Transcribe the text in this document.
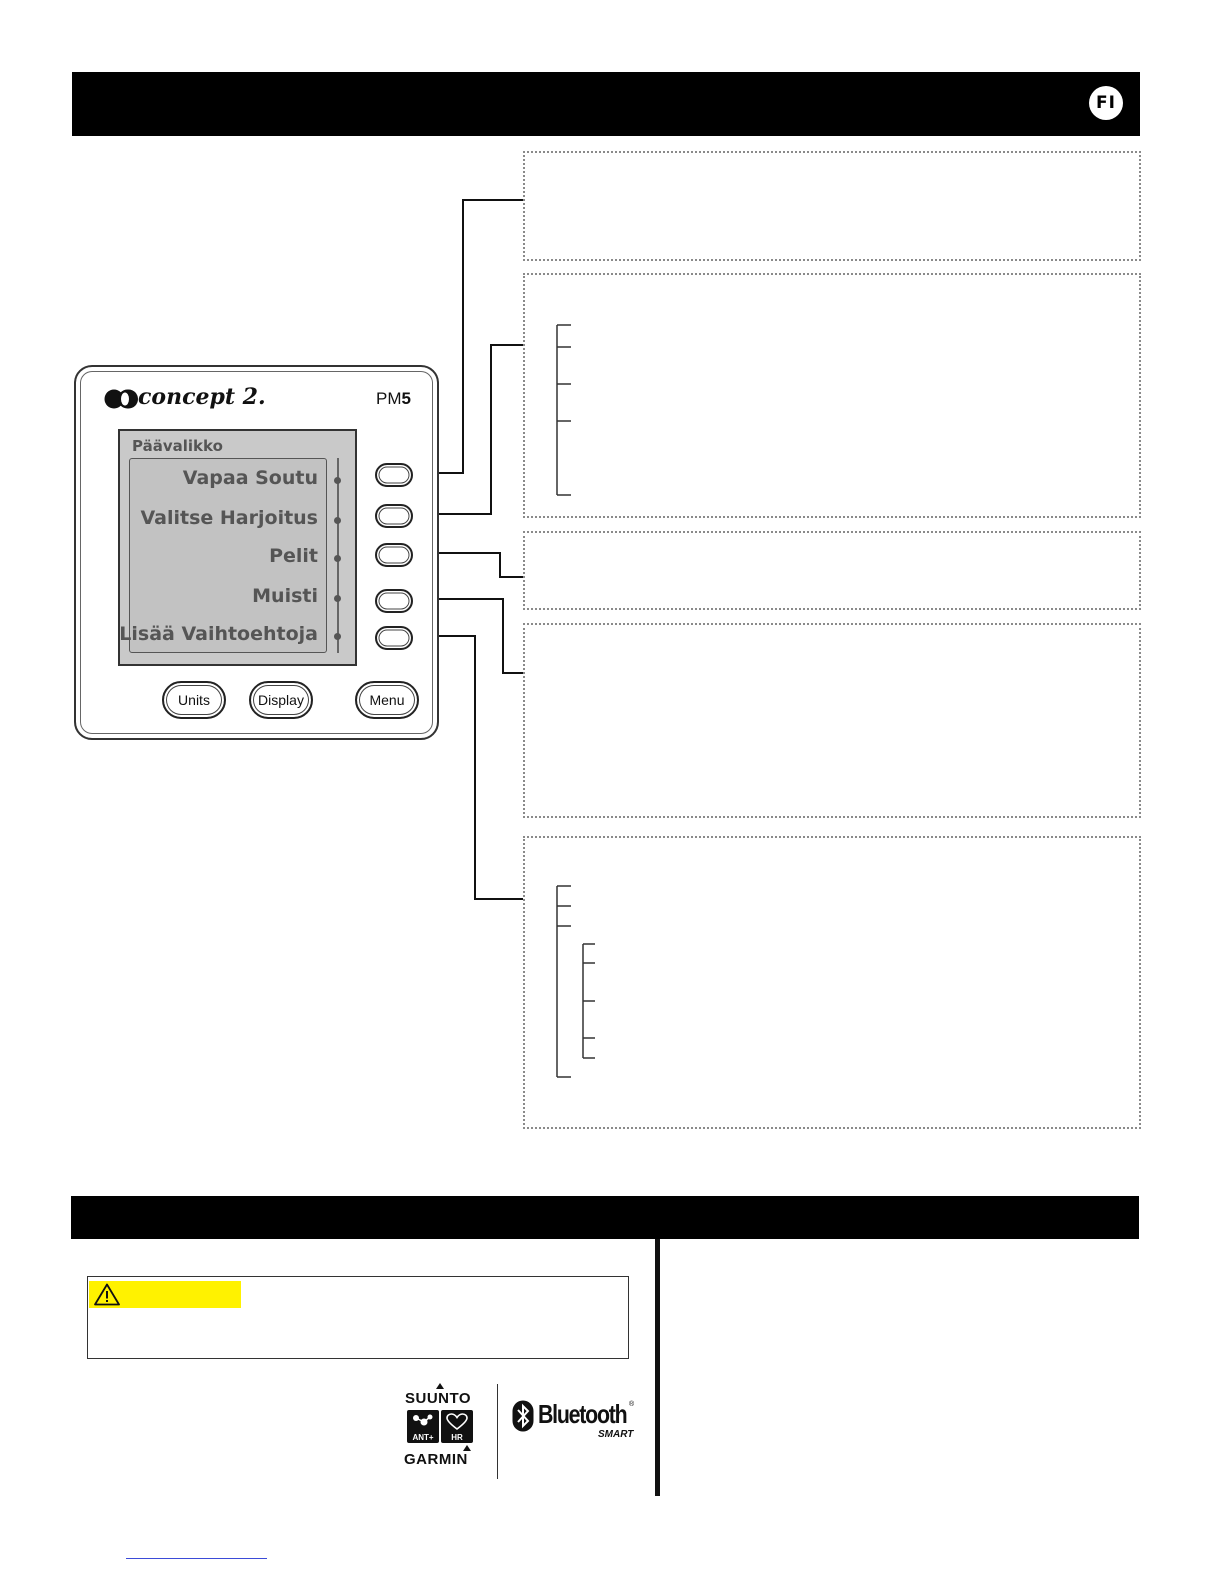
FI
concept 2.	PM5
Päävalikko
Vapaa Soutu
Valitse Harjoitus
Pelit
Muisti
Lisää Vaihtoehtoja
Units	Display	Menu
SUUNTO
ANT+	HR
GARMIN
Bluetooth ®
SMART
